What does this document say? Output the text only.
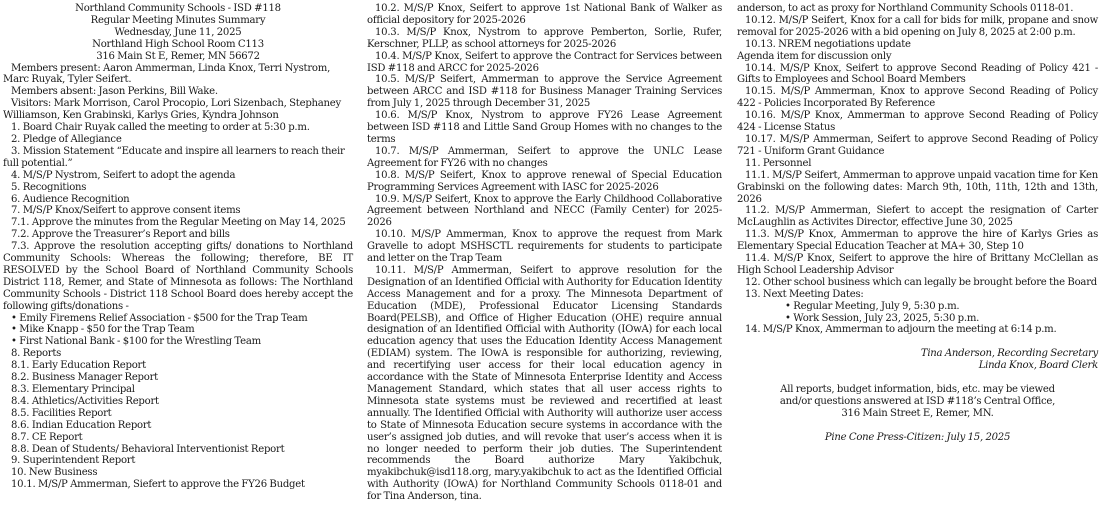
Northland Community Schools - ISD #118
Regular Meeting Minutes Summary
Wednesday, June 11, 2025
Northland High School Room C113
316 Main St E, Remer, MN 56672
Members present: Aaron Ammerman, Linda Knox, Terri Nystrom, Marc Ruyak, Tyler Seifert.
Members absent: Jason Perkins, Bill Wake.
Visitors: Mark Morrison, Carol Procopio, Lori Sizenbach, Stephaney Williamson, Ken Grabinski, Karlys Gries, Kyndra Johnson
1. Board Chair Ruyak called the meeting to order at 5:30 p.m.
2. Pledge of Allegiance
3. Mission Statement “Educate and inspire all learners to reach their full potential.”
4. M/S/P Nystrom, Seifert to adopt the agenda
5. Recognitions
6. Audience Recognition
7. M/S/P Knox/Seifert to approve consent items
7.1. Approve the minutes from the Regular Meeting on May 14, 2025
7.2. Approve the Treasurer’s Report and bills
7.3. Approve the resolution accepting gifts/ donations to Northland Community Schools: Whereas the following; therefore, BE IT RESOLVED by the School Board of Northland Community Schools District 118, Remer, and State of Minnesota as follows: The Northland Community Schools - District 118 School Board does hereby accept the following gifts/donations -
• Emily Firemens Relief Association - $500 for the Trap Team
• Mike Knapp - $50 for the Trap Team
• First National Bank - $100 for the Wrestling Team
8. Reports
8.1. Early Education Report
8.2. Business Manager Report
8.3. Elementary Principal
8.4. Athletics/Activities Report
8.5. Facilities Report
8.6. Indian Education Report
8.7. CE Report
8.8. Dean of Students/ Behavioral Interventionist Report
9. Superintendent Report
10. New Business
10.1. M/S/P Ammerman, Siefert to approve the FY26 Budget
10.2. M/S/P Knox, Seifert to approve 1st National Bank of Walker as official depository for 2025-2026
10.3. M/S/P Knox, Nystrom to approve Pemberton, Sorlie, Rufer, Kerschner, PLLP, as school attorneys for 2025-2026
10.4. M/S/P Knox, Seifert to approve the Contract for Services between ISD #118 and ARCC for 2025-2026
10.5. M/S/P Seifert, Ammerman to approve the Service Agreement between ARCC and ISD #118 for Business Manager Training Services from July 1, 2025 through December 31, 2025
10.6. M/S/P Knox, Nystrom to approve FY26 Lease Agreement between ISD #118 and Little Sand Group Homes with no changes to the terms
10.7. M/S/P Ammerman, Seifert to approve the UNLC Lease Agreement for FY26 with no changes
10.8. M/S/P Seifert, Knox to approve renewal of Special Education Programming Services Agreement with IASC for 2025-2026
10.9. M/S/P Seifert, Knox to approve the Early Childhood Collaborative Agreement between Northland and NECC (Family Center) for 2025-2026
10.10. M/S/P Ammerman, Knox to approve the request from Mark Gravelle to adopt MSHSCTL requirements for students to participate and letter on the Trap Team
10.11. M/S/P Ammerman, Seifert to approve resolution for the Designation of an Identified Official with Authority for Education Identity Access Management and for a proxy. The Minnesota Department of Education (MDE), Professional Educator Licensing Standards Board(PELSB), and Office of Higher Education (OHE) require annual designation of an Identified Official with Authority (IOwA) for each local education agency that uses the Education Identity Access Management (EDIAM) system. The IOwA is responsible for authorizing, reviewing, and recertifying user access for their local education agency in accordance with the State of Minnesota Enterprise Identity and Access Management Standard, which states that all user access rights to Minnesota state systems must be reviewed and recertified at least annually. The Identified Official with Authority will authorize user access to State of Minnesota Education secure systems in accordance with the user’s assigned job duties, and will revoke that user’s access when it is no longer needed to perform their job duties. The Superintendent recommends the Board authorize Mary Yakibchuk, myakibchuk@isd118.org, mary.yakibchuk to act as the Identified Official with Authority (IOwA) for Northland Community Schools 0118-01 and for Tina Anderson, tina.
anderson, to act as proxy for Northland Community Schools 0118-01.
10.12. M/S/P Seifert, Knox for a call for bids for milk, propane and snow removal for 2025-2026 with a bid opening on July 8, 2025 at 2:00 p.m.
10.13. NREM negotiations update
Agenda item for discussion only
10.14. M/S/P Knox, Seifert to approve Second Reading of Policy 421 - Gifts to Employees and School Board Members
10.15. M/S/P Ammerman, Knox to approve Second Reading of Policy 422 - Policies Incorporated By Reference
10.16. M/S/P Knox, Ammerman to approve Second Reading of Policy 424 - License Status
10.17. M/S/P Ammerman, Seifert to approve Second Reading of Policy 721 - Uniform Grant Guidance
11. Personnel
11.1. M/S/P Seifert, Ammerman to approve unpaid vacation time for Ken Grabinski on the following dates: March 9th, 10th, 11th, 12th and 13th, 2026
11.2. M/S/P Ammerman, Siefert to accept the resignation of Carter McLaughlin as Activites Director, effective June 30, 2025
11.3. M/S/P Knox, Ammerman to approve the hire of Karlys Gries as Elementary Special Education Teacher at MA+ 30, Step 10
11.4. M/S/P Knox, Seifert to approve the hire of Brittany McClellan as High School Leadership Advisor
12. Other school business which can legally be brought before the Board
13. Next Meeting Dates:
• Regular Meeting, July 9, 5:30 p.m.
• Work Session, July 23, 2025, 5:30 p.m.
14. M/S/P Knox, Ammerman to adjourn the meeting at 6:14 p.m.
Tina Anderson, Recording Secretary
Linda Knox, Board Clerk
All reports, budget information, bids, etc. may be viewed
and/or questions answered at ISD #118’s Central Office,
316 Main Street E, Remer, MN.
Pine Cone Press-Citizen: July 15, 2025
